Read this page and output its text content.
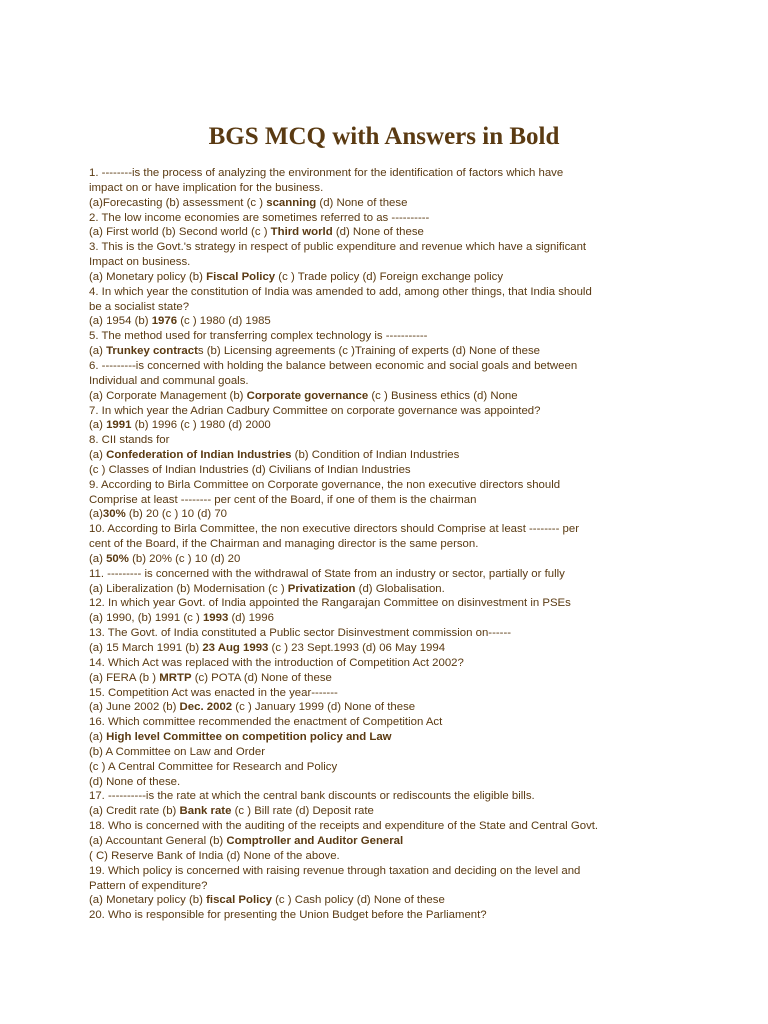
BGS MCQ with Answers in Bold
1. --------is the process of analyzing the environment for the identification of factors which have
impact on or have implication for the business.
(a)Forecasting (b) assessment (c ) scanning (d) None of these
2. The low income economies are sometimes referred to as ----------
(a) First world (b) Second world (c ) Third world (d) None of these
3. This is the Govt.'s strategy in respect of public expenditure and revenue which have a significant
Impact on business.
(a) Monetary policy (b) Fiscal Policy (c ) Trade policy (d) Foreign exchange policy
4. In which year the constitution of India was amended to add, among other things, that India should
be a socialist state?
(a) 1954 (b) 1976 (c ) 1980 (d) 1985
5. The method used for transferring complex technology is -----------
(a) Trunkey contracts (b) Licensing agreements (c )Training of experts (d) None of these
6. ---------is concerned with holding the balance between economic and social goals and between
Individual and communal goals.
(a) Corporate Management (b) Corporate governance (c ) Business ethics (d) None
7. In which year the Adrian Cadbury Committee on corporate governance was appointed?
(a) 1991 (b) 1996 (c ) 1980 (d) 2000
8. CII stands for
(a) Confederation of Indian Industries (b) Condition of Indian Industries
(c ) Classes of Indian Industries (d) Civilians of Indian Industries
9. According to Birla Committee on Corporate governance, the non executive directors should
Comprise at least -------- per cent of the Board, if one of them is the chairman
(a)30% (b) 20 (c ) 10 (d) 70
10. According to Birla Committee, the non executive directors should Comprise at least -------- per
cent of the Board, if the Chairman and managing director is the same person.
(a) 50% (b) 20% (c ) 10 (d) 20
11. --------- is concerned with the withdrawal of State from an industry or sector, partially or fully
(a) Liberalization (b) Modernisation (c ) Privatization (d) Globalisation.
12. In which year Govt. of India appointed the Rangarajan Committee on disinvestment in PSEs
(a) 1990, (b) 1991 (c ) 1993 (d) 1996
13. The Govt. of India constituted a Public sector Disinvestment commission on------
(a) 15 March 1991 (b) 23 Aug 1993 (c ) 23 Sept.1993 (d) 06 May 1994
14. Which Act was replaced with the introduction of Competition Act 2002?
(a) FERA (b ) MRTP (c) POTA (d) None of these
15. Competition Act was enacted in the year-------
(a) June 2002 (b) Dec. 2002 (c ) January 1999 (d) None of these
16. Which committee recommended the enactment of Competition Act
(a) High level Committee on competition policy and Law
(b) A Committee on Law and Order
(c ) A Central Committee for Research and Policy
(d) None of these.
17. ----------is the rate at which the central bank discounts or rediscounts the eligible bills.
(a) Credit rate (b) Bank rate (c ) Bill rate (d) Deposit rate
18. Who is concerned with the auditing of the receipts and expenditure of the State and Central Govt.
(a) Accountant General (b) Comptroller and Auditor General
( C) Reserve Bank of India (d) None of the above.
19. Which policy is concerned with raising revenue through taxation and deciding on the level and
Pattern of expenditure?
(a) Monetary policy (b) fiscal Policy (c ) Cash policy (d) None of these
20. Who is responsible for presenting the Union Budget before the Parliament?
